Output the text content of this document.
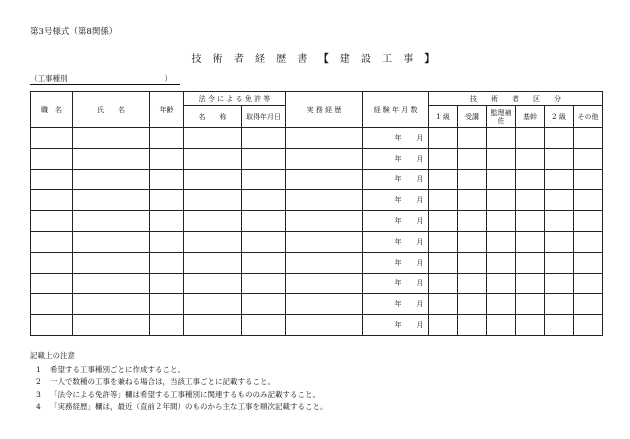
第3号様式（第8関係）
技 術 者 経 歴 書 【 建 設 工 事 】
（工事種別	）
職　名	氏　　名	年齢	法 令 に よ る 免 許 等		実 務 経 歴	経 験 年 月 数	技　　術　　者　　区　　分					
			名　　称	取得年月日			1 級	受講	監理補佐	基幹	2 級	その他
						年 月						
						年 月						
						年 月						
						年 月						
						年 月						
						年 月						
						年 月						
						年 月						
						年 月						
						年 月						
記載上の注意
1 希望する工事種別ごとに作成すること。
2 一人で数種の工事を兼ねる場合は，当該工事ごとに記載すること。
3 「法令による免許等」欄は希望する工事種別に関連するもののみ記載すること。
4 「実務経歴」欄は，最近（直前２年間）のものから主な工事を順次記載すること。
